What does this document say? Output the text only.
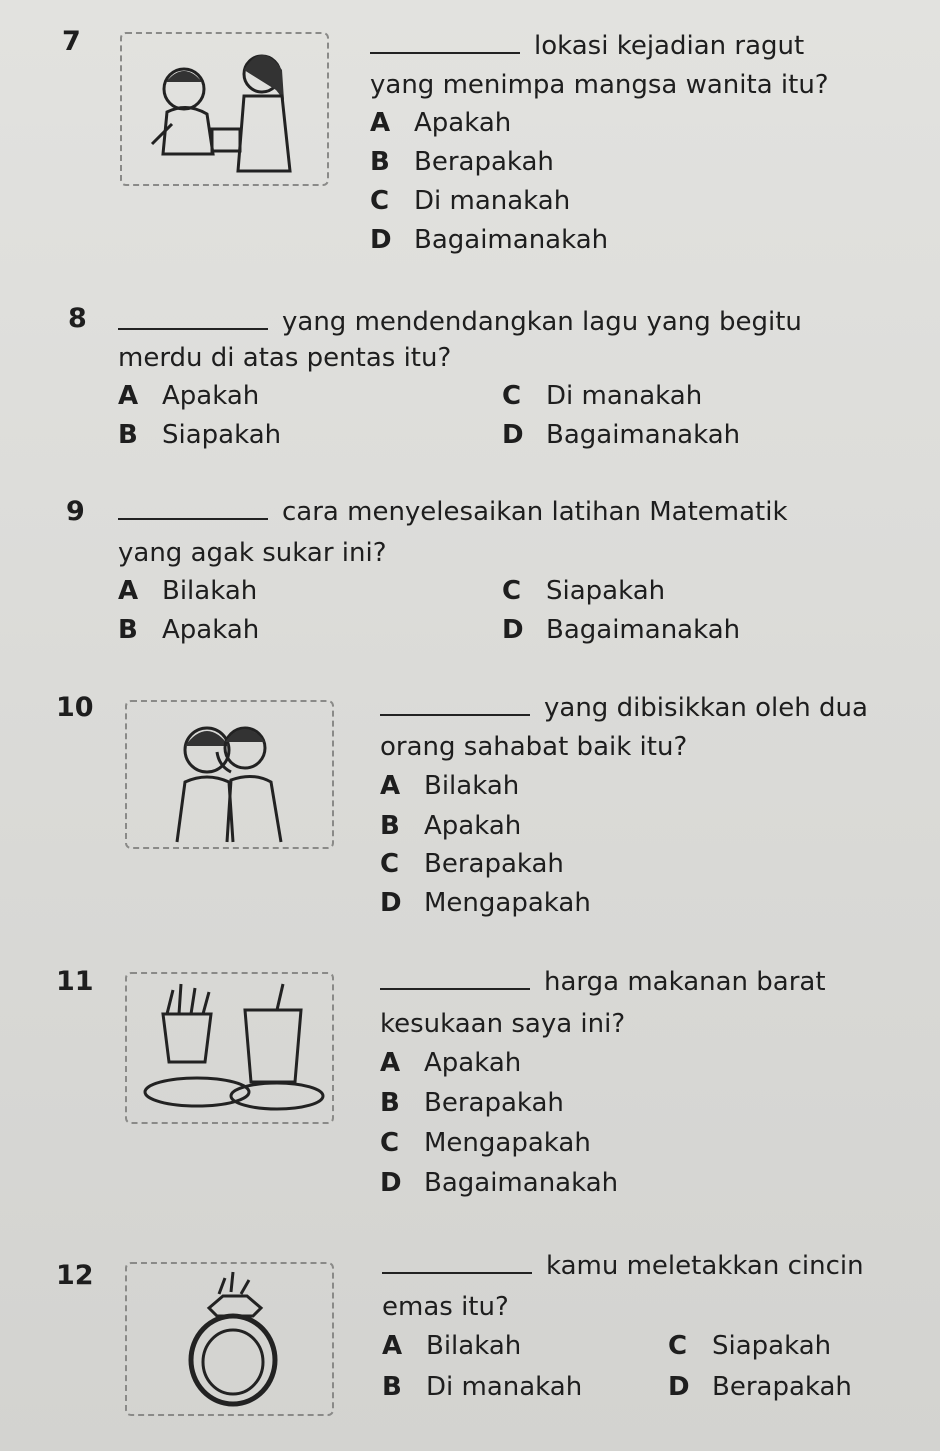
7	lokasi kejadian ragut
yang menimpa mangsa wanita itu?
A Apakah
B Berapakah
C Di manakah
D Bagaimanakah
8	yang mendendangkan lagu yang begitu
merdu di atas pentas itu?
A Apakah
B Siapakah
C Di manakah
D Bagaimanakah
9	cara menyelesaikan latihan Matematik
yang agak sukar ini?
A Bilakah
B Apakah
C Siapakah
D Bagaimanakah
10	yang dibisikkan oleh dua
orang sahabat baik itu?
A Bilakah
B Apakah
C Berapakah
D Mengapakah
11	harga makanan barat
kesukaan saya ini?
A Apakah
B Berapakah
C Mengapakah
D Bagaimanakah
12	kamu meletakkan cincin
emas itu?
A Bilakah
B Di manakah
C Siapakah
D Berapakah
